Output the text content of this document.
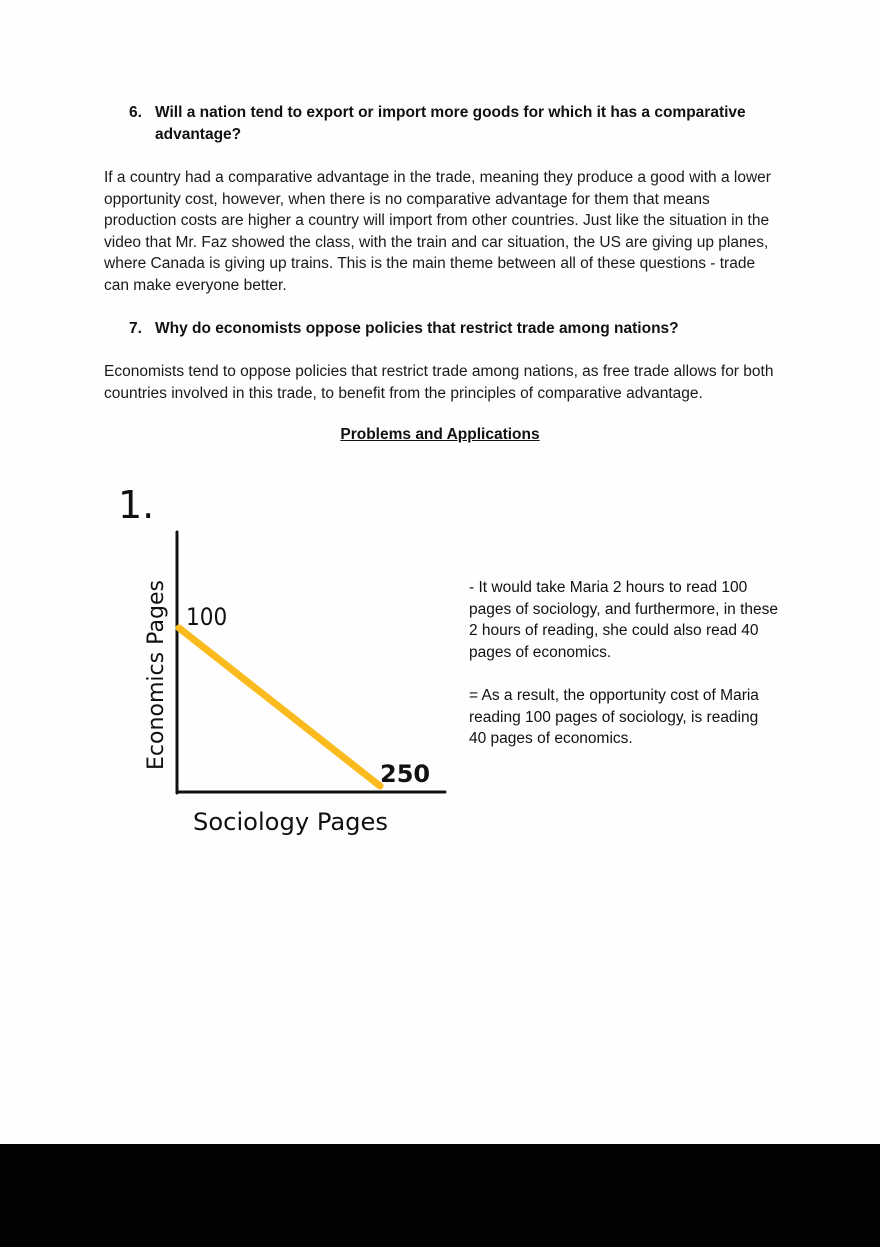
6. Will a nation tend to export or import more goods for which it has a comparative advantage?
If a country had a comparative advantage in the trade, meaning they produce a good with a lower opportunity cost, however, when there is no comparative advantage for them that means production costs are higher a country will import from other countries. Just like the situation in the video that Mr. Faz showed the class, with the train and car situation, the US are giving up planes, where Canada is giving up trains. This is the main theme between all of these questions - trade can make everyone better.
7. Why do economists oppose policies that restrict trade among nations?
Economists tend to oppose policies that restrict trade among nations, as free trade allows for both countries involved in this trade, to benefit from the principles of comparative advantage.
Problems and Applications
1.
100
250
Economics Pages
Sociology Pages

- It would take Maria 2 hours to read 100 pages of sociology, and furthermore, in these 2 hours of reading, she could also read 40 pages of economics.

= As a result, the opportunity cost of Maria reading 100 pages of sociology, is reading 40 pages of economics.
